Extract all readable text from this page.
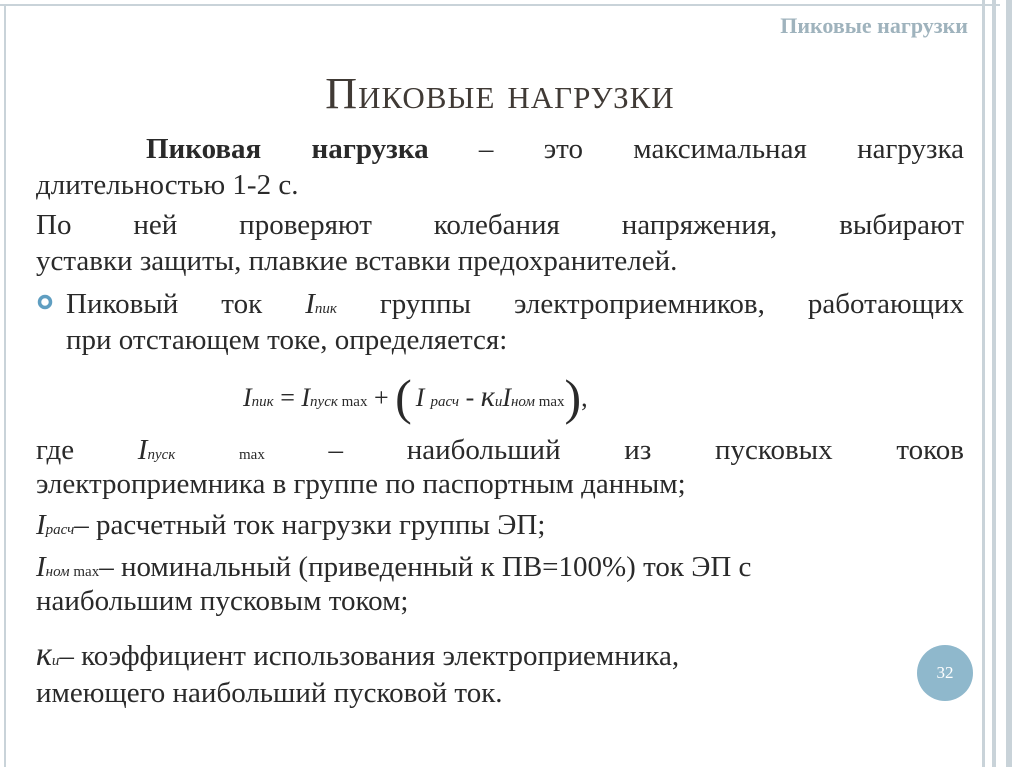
Пиковые нагрузки
Пиковые нагрузки
Пиковая нагрузка – это максимальная нагрузка
длительностью 1-2 с.
По ней проверяют колебания напряжения, выбирают
уставки защиты, плавкие вставки предохранителей.
Пиковый ток Iпик группы электроприемников, работающих
при отстающем токе, определяется:
Iпик = Iпуск max + ( I расч - киIном max),
где Iпуск	max – наибольший из пусковых токов
электроприемника в группе по паспортным данным;
Iрасч– расчетный ток нагрузки группы ЭП;
Iном max– номинальный (приведенный к ПВ=100%) ток ЭП с
наибольшим пусковым током;
ки– коэффициент использования электроприемника,
имеющего наибольший пусковой ток.
32
